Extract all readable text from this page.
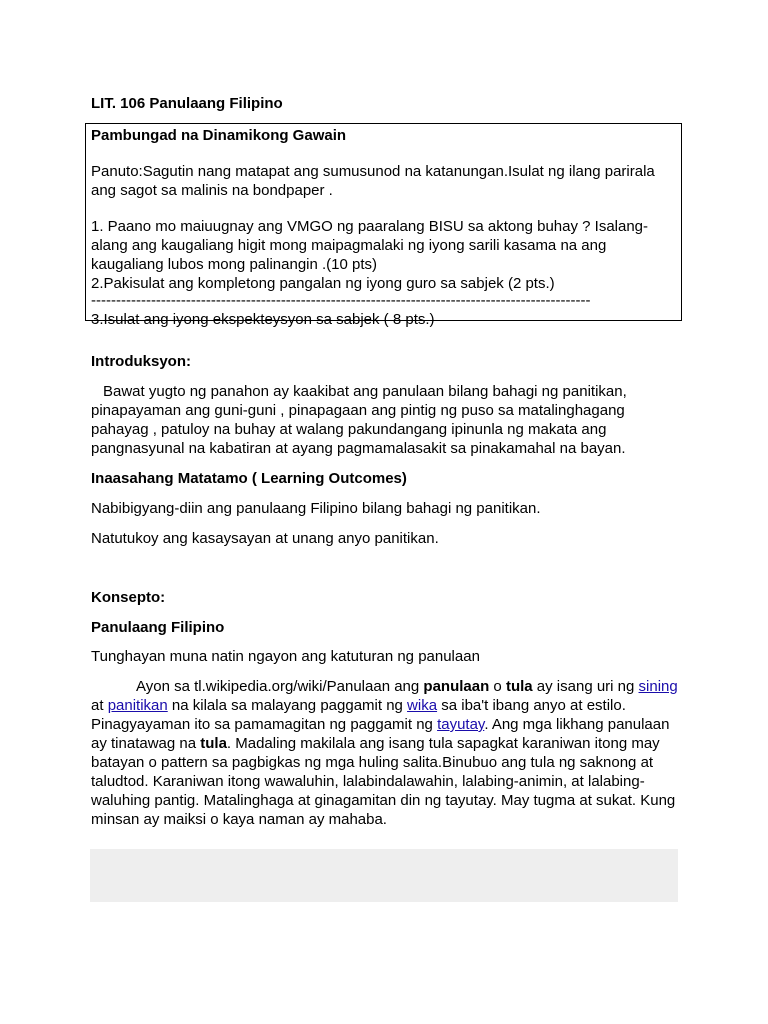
LIT. 106 Panulaang Filipino

Pambungad na Dinamikong Gawain

Panuto:Sagutin nang matapat ang sumusunod na katanungan.Isulat ng ilang parirala ang sagot sa malinis na bondpaper .

1. Paano mo maiuugnay ang VMGO ng paaralang BISU sa aktong buhay ? Isalang-alang ang kaugaliang higit mong maipagmalaki ng iyong sarili kasama na ang kaugaliang lubos mong palinangin .(10 pts)

2.Pakisulat ang kompletong pangalan ng iyong guro sa sabjek (2 pts.)

----------------------------------------------------------------------------------------------------

3.Isulat ang iyong ekspekteysyon sa sabjek ( 8 pts.)

Introduksyon:

Bawat yugto ng panahon ay kaakibat ang panulaan bilang bahagi ng panitikan, pinapayaman ang guni-guni , pinapagaan ang pintig ng puso sa matalinghagang pahayag , patuloy na buhay at walang pakundangang ipinunla ng makata ang pangnasyunal na kabatiran at ayang pagmamalasakit sa pinakamahal na bayan.

Inaasahang Matatamo ( Learning Outcomes)
Nabibigyang-diin ang panulaang Filipino bilang bahagi ng panitikan.
Natutukoy ang kasaysayan at unang anyo panitikan.
Konsepto:
Panulaang Filipino
Tunghayan muna natin ngayon ang katuturan ng panulaan

Ayon sa tl.wikipedia.org/wiki/Panulaan ang panulaan o tula ay isang uri ng sining at panitikan na kilala sa malayang paggamit ng wika sa iba't ibang anyo at estilo. Pinagyayaman ito sa pamamagitan ng paggamit ng tayutay. Ang mga likhang panulaan ay tinatawag na tula. Madaling makilala ang isang tula sapagkat karaniwan itong may batayan o pattern sa pagbigkas ng mga huling salita.Binubuo ang tula ng saknong at taludtod. Karaniwan itong wawaluhin, lalabindalawahin, lalabing-animin, at lalabing-waluhing pantig. Matalinghaga at ginagamitan din ng tayutay. May tugma at sukat. Kung minsan ay maiksi o kaya naman ay mahaba.
